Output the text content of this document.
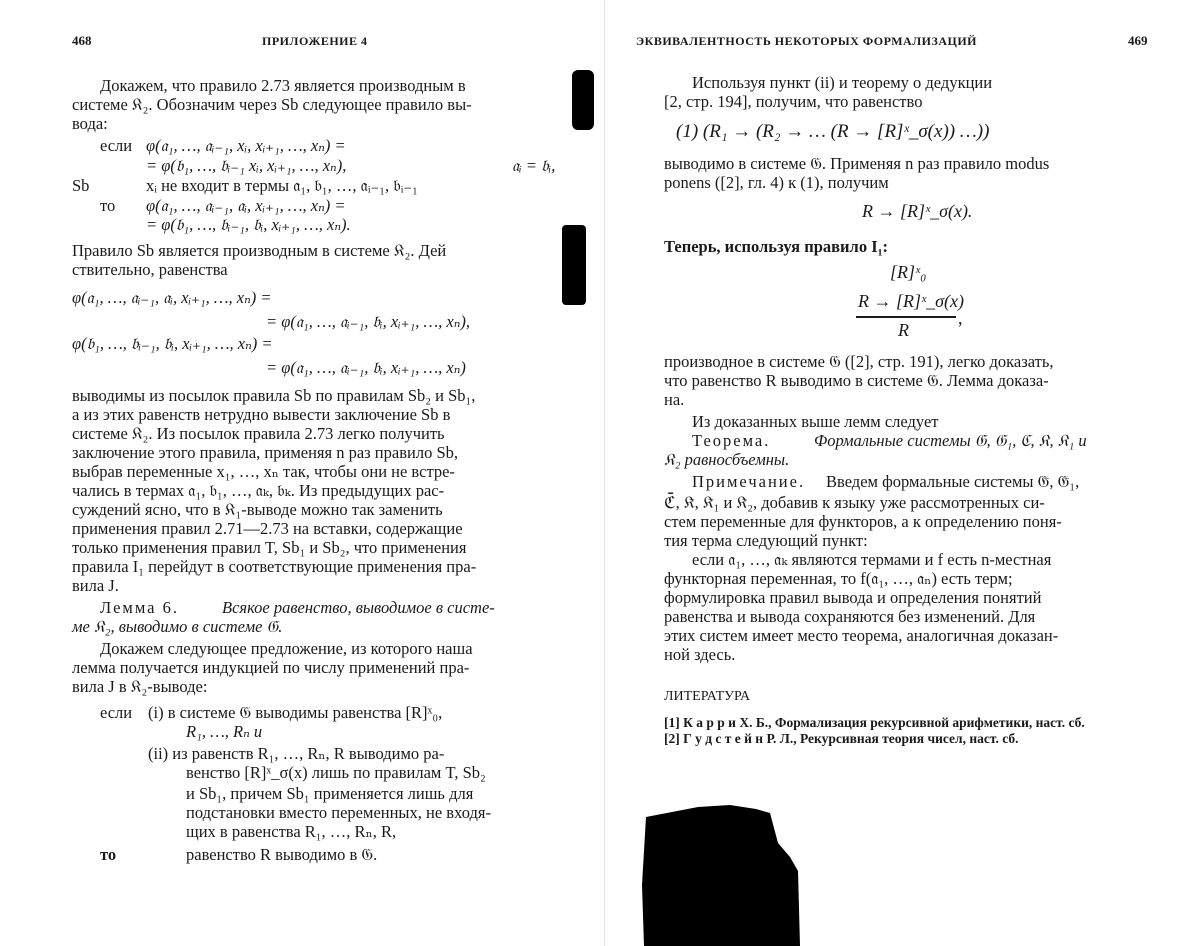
468	ПРИЛОЖЕНИЕ 4
Докажем, что правило 2.73 является производным в
системе 𝔎₂. Обозначим через Sb следующее правило вы-
вода:
если φ(𝔞₁, …, 𝔞ᵢ₋₁, xᵢ, xᵢ₊₁, …, xₙ) =
= φ(𝔟₁, …, 𝔟ᵢ₋₁ xᵢ, xᵢ₊₁, …, xₙ),	𝔞ᵢ = 𝔟ᵢ,
Sb	xᵢ не входит в термы 𝔞₁, 𝔟₁, …, 𝔞ᵢ₋₁, 𝔟ᵢ₋₁
то φ(𝔞₁, …, 𝔞ᵢ₋₁, 𝔞ᵢ, xᵢ₊₁, …, xₙ) =
= φ(𝔟₁, …, 𝔟ᵢ₋₁, 𝔟ᵢ, xᵢ₊₁, …, xₙ).
Правило Sb является производным в системе 𝔎₂. Дей
ствительно, равенства
φ(𝔞₁, …, 𝔞ᵢ₋₁, 𝔞ᵢ, xᵢ₊₁, …, xₙ) =
= φ(𝔞₁, …, 𝔞ᵢ₋₁, 𝔟ᵢ, xᵢ₊₁, …, xₙ),
φ(𝔟₁, …, 𝔟ᵢ₋₁, 𝔟ᵢ, xᵢ₊₁, …, xₙ) =
= φ(𝔞₁, …, 𝔞ᵢ₋₁, 𝔟ᵢ, xᵢ₊₁, …, xₙ)
выводимы из посылок правила Sb по правилам Sb₂ и Sb₁,
а из этих равенств нетрудно вывести заключение Sb в
системе 𝔎₂. Из посылок правила 2.73 легко получить
заключение этого правила, применяя n раз правило Sb,
выбрав переменные x₁, …, xₙ так, чтобы они не встре-
чались в термах 𝔞₁, 𝔟₁, …, 𝔞ₖ, 𝔟ₖ. Из предыдущих рас-
суждений ясно, что в 𝔎₁-выводе можно так заменить
применения правил 2.71—2.73 на вставки, содержащие
только применения правил T, Sb₁ и Sb₂, что применения
правила I₁ перейдут в соответствующие применения пра-
вила J.
Лемма 6.	Всякое равенство, выводимое в систе-
ме 𝔎₂, выводимо в системе 𝔊.
Докажем следующее предложение, из которого наша
лемма получается индукцией по числу применений пра-
вила J в 𝔎₂-выводе:
если (i) в системе 𝔊 выводимы равенства [R]ˣ₀,
R₁, …, Rₙ и
(ii) из равенств R₁, …, Rₙ, R выводимо ра-
венство [R]ˣ_σ(x) лишь по правилам T, Sb₂
и Sb₁, причем Sb₁ применяется лишь для
подстановки вместо переменных, не входя-
щих в равенства R₁, …, Rₙ, R,
то	равенство R выводимо в 𝔊.
ЭКВИВАЛЕНТНОСТЬ НЕКОТОРЫХ ФОРМАЛИЗАЦИЙ	469
Используя пункт (ii) и теорему о дедукции
[2, стр. 194], получим, что равенство
(1) (R₁ → (R₂ → … (R → [R]ˣ_σ(x)) …))
выводимо в системе 𝔊. Применяя n раз правило modus
ponens ([2], гл. 4) к (1), получим
R → [R]ˣ_σ(x).
Теперь, используя правило I₁:
[R]ˣ₀
R → [R]ˣ_σ(x)
R
,
производное в системе 𝔊 ([2], стр. 191), легко доказать,
что равенство R выводимо в системе 𝔊. Лемма доказа-
на.
Из доказанных выше лемм следует
Теорема.	Формальные системы 𝔊, 𝔊₁, ℭ, 𝔎, 𝔎₁ и
𝔎₂ равносбъемны.
Примечание. Введем формальные системы 𝔊̄, 𝔊̄₁,
ℭ̄, 𝔎̄, 𝔎̄₁ и 𝔎̄₂, добавив к языку уже рассмотренных си-
стем переменные для функторов, а к определению поня-
тия терма следующий пункт:
если 𝔞₁, …, 𝔞ₖ являются термами и f есть n-местная
функторная переменная, то f(𝔞₁, …, 𝔞ₙ) есть терм;
формулировка правил вывода и определения понятий
равенства и вывода сохраняются без изменений. Для
этих систем имеет место теорема, аналогичная доказан-
ной здесь.
ЛИТЕРАТУРА
[1] К а р р и Х. Б., Формализация рекурсивной арифметики, наст. сб.
[2] Г у д с т е й н Р. Л., Рекурсивная теория чисел, наст. сб.
